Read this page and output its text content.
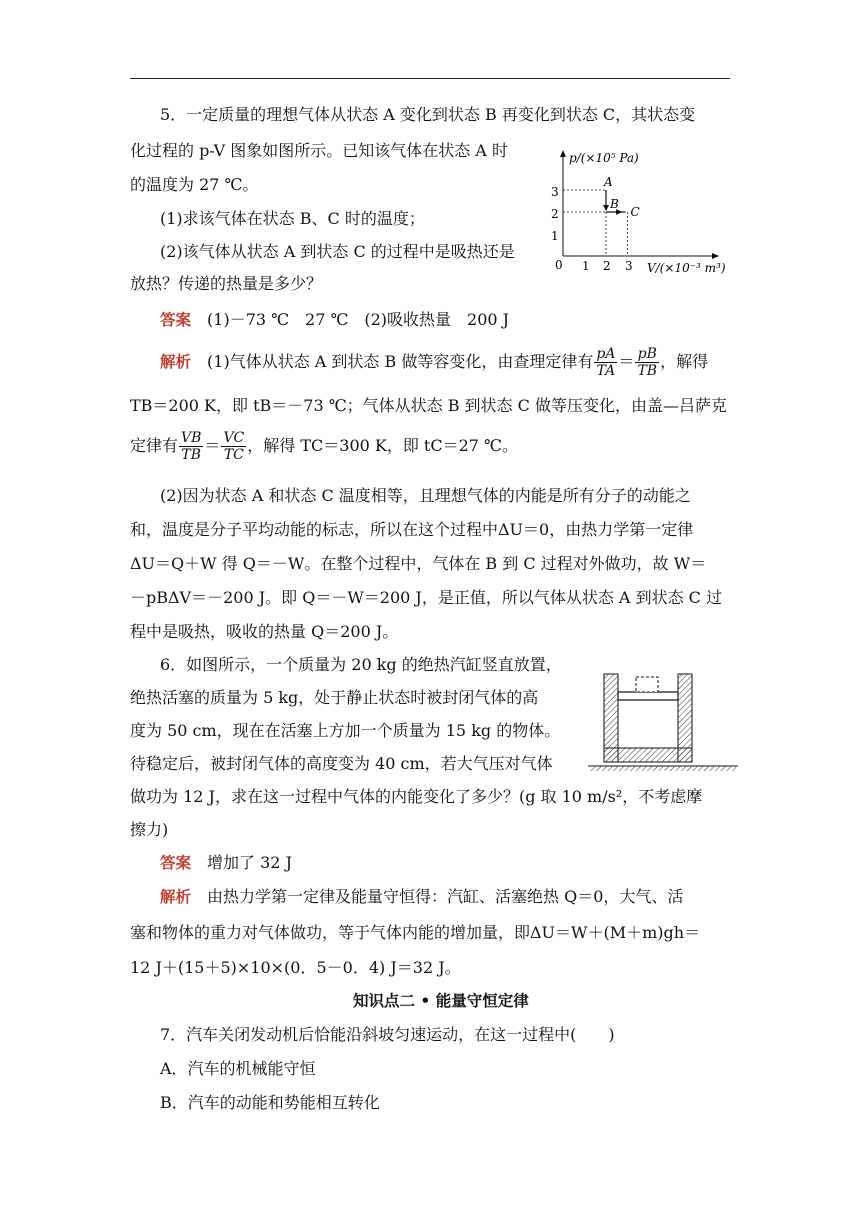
5．一定质量的理想气体从状态 A 变化到状态 B 再变化到状态 C，其状态变
化过程的 p-V 图象如图所示。已知该气体在状态 A 时
的温度为 27 ℃。
(1)求该气体在状态 B、C 时的温度；
(2)该气体从状态 A 到状态 C 的过程中是吸热还是
放热？传递的热量是多少？
p/(×10⁵ Pa)
V/(×10⁻³ m³)
0
1
2
3
1 2 3
A
B
C
答案　 (1)－73 ℃　27 ℃　(2)吸收热量　200 J
解析　 (1)气体从状态 A 到状态 B 做等容变化，由查理定律有 $\frac{pA}{TA} = \frac{pB}{TB}$ ，解得
TB＝200 K，即 tB＝－73 ℃；气体从状态 B 到状态 C 做等压变化，由盖—吕萨克
定律有 $\frac{VB}{TB} = \frac{VC}{TC}$ ，解得 TC＝300 K，即 tC＝27 ℃。
(2)因为状态 A 和状态 C 温度相等，且理想气体的内能是所有分子的动能之
和，温度是分子平均动能的标志，所以在这个过程中ΔU＝0，由热力学第一定律
ΔU＝Q＋W 得 Q＝－W。在整个过程中，气体在 B 到 C 过程对外做功，故 W＝
－pBΔV＝－200 J。即 Q＝－W＝200 J，是正值，所以气体从状态 A 到状态 C 过
程中是吸热，吸收的热量 Q＝200 J。
6．如图所示，一个质量为 20 kg 的绝热汽缸竖直放置，
绝热活塞的质量为 5 kg，处于静止状态时被封闭气体的高
度为 50 cm，现在在活塞上方加一个质量为 15 kg 的物体。
待稳定后，被封闭气体的高度变为 40 cm，若大气压对气体
做功为 12 J，求在这一过程中气体的内能变化了多少？(g 取 10 m/s²，不考虑摩
擦力)
答案　 增加了 32 J
解析　 由热力学第一定律及能量守恒得：汽缸、活塞绝热 Q＝0，大气、活
塞和物体的重力对气体做功，等于气体内能的增加量，即ΔU＝W＋(M＋m)gh＝
12 J＋(15＋5)×10×(0．5－0．4) J＝32 J。
知识点二 • 能量守恒定律
7．汽车关闭发动机后恰能沿斜坡匀速运动，在这一过程中(　　)
A．汽车的机械能守恒
B．汽车的动能和势能相互转化
